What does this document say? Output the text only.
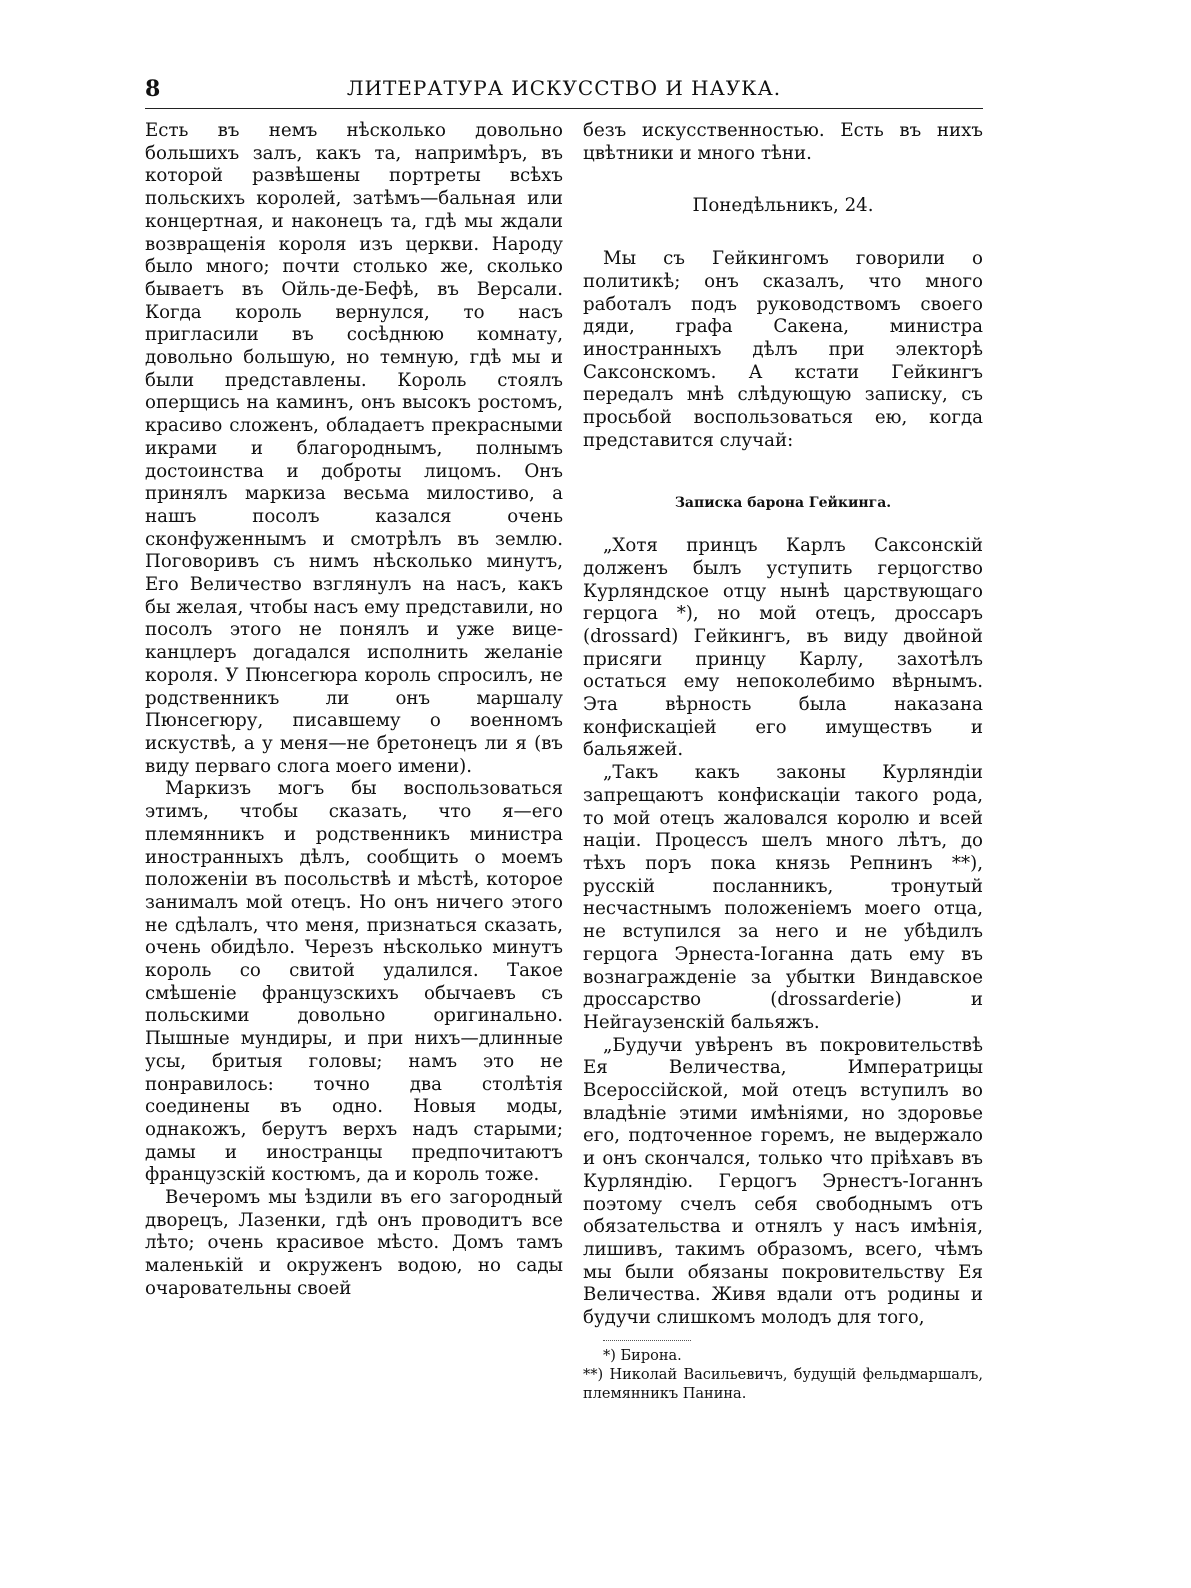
8	ЛИТЕРАТУРА ИСКУССТВО И НАУКА.

Есть въ немъ нѣсколько довольно большихъ залъ, какъ та, напримѣръ, въ которой развѣшены портреты всѣхъ польскихъ королей, затѣмъ—бальная или концертная, и наконецъ та, гдѣ мы ждали возвращенія короля изъ церкви. Народу было много; почти столько же, сколько бываетъ въ Ойль-де-Бефѣ, въ Версали. Когда король вернулся, то насъ пригласили въ сосѣднюю комнату, довольно большую, но темную, гдѣ мы и были представлены. Король стоялъ оперщись на каминъ, онъ высокъ ростомъ, красиво сложенъ, обладаетъ прекрасными икрами и благороднымъ, полнымъ достоинства и доброты лицомъ. Онъ принялъ маркиза весьма милостиво, а нашъ посолъ казался очень сконфуженнымъ и смотрѣлъ въ землю. Поговоривъ съ нимъ нѣсколько минутъ, Его Величество взглянулъ на насъ, какъ бы желая, чтобы насъ ему представили, но посолъ этого не понялъ и уже вице-канцлеръ догадался исполнить желаніе короля. У Пюнсегюра король спросилъ, не родственникъ ли онъ маршалу Пюнсегюру, писавшему о военномъ искуствѣ, а у меня—не бретонецъ ли я (въ виду перваго слога моего имени).

Маркизъ могъ бы воспользоваться этимъ, чтобы сказать, что я—его племянникъ и родственникъ министра иностранныхъ дѣлъ, сообщить о моемъ положеніи въ посольствѣ и мѣстѣ, которое занималъ мой отецъ. Но онъ ничего этого не сдѣлалъ, что меня, признаться сказать, очень обидѣло. Черезъ нѣсколько минутъ король со свитой удалился. Такое смѣшеніе французскихъ обычаевъ съ польскими довольно оригинально. Пышные мундиры, и при нихъ—длинные усы, бритыя головы; намъ это не понравилось: точно два столѣтія соединены въ одно. Новыя моды, однакожъ, берутъ верхъ надъ старыми; дамы и иностранцы предпочитаютъ французскій костюмъ, да и король тоже.

Вечеромъ мы ѣздили въ его загородный дворецъ, Лазенки, гдѣ онъ проводитъ все лѣто; очень красивое мѣсто. Домъ тамъ маленькій и окруженъ водою, но сады очаровательны своей

безъ искусственностью. Есть въ нихъ цвѣтники и много тѣни.

Понедѣльникъ, 24.

Мы съ Гейкингомъ говорили о политикѣ; онъ сказалъ, что много работалъ подъ руководствомъ своего дяди, графа Сакена, министра иностранныхъ дѣлъ при электорѣ Саксонскомъ. А кстати Гейкингъ передалъ мнѣ слѣдующую записку, съ просьбой воспользоваться ею, когда представится случай:

Записка барона Гейкинга.

„Хотя принцъ Карлъ Саксонскій долженъ былъ уступить герцогство Курляндское отцу нынѣ царствующаго герцога *), но мой отецъ, дроссаръ (drossard) Гейкингъ, въ виду двойной присяги принцу Карлу, захотѣлъ остаться ему непоколебимо вѣрнымъ. Эта вѣрность была наказана конфискаціей его имуществъ и бальяжей.

„Такъ какъ законы Курляндіи запрещаютъ конфискаціи такого рода, то мой отецъ жаловался королю и всей націи. Процессъ шелъ много лѣтъ, до тѣхъ поръ пока князь Репнинъ **), русскій посланникъ, тронутый несчастнымъ положеніемъ моего отца, не вступился за него и не убѣдилъ герцога Эрнеста-Іоганна дать ему въ вознагражденіе за убытки Виндавское дроссарство (drossarderie) и Нейгаузенскій бальяжъ.

„Будучи увѣренъ въ покровительствѣ Ея Величества, Императрицы Всероссійской, мой отецъ вступилъ во владѣніе этими имѣніями, но здоровье его, подточенное горемъ, не выдержало и онъ скончался, только что пріѣхавъ въ Курляндію. Герцогъ Эрнестъ-Іоганнъ поэтому счелъ себя свободнымъ отъ обязательства и отнялъ у насъ имѣнія, лишивъ, такимъ образомъ, всего, чѣмъ мы были обязаны покровительству Ея Величества. Живя вдали отъ родины и будучи слишкомъ молодъ для того,

*) Бирона.

**) Николай Васильевичъ, будущій фельдмаршалъ, племянникъ Панина.
